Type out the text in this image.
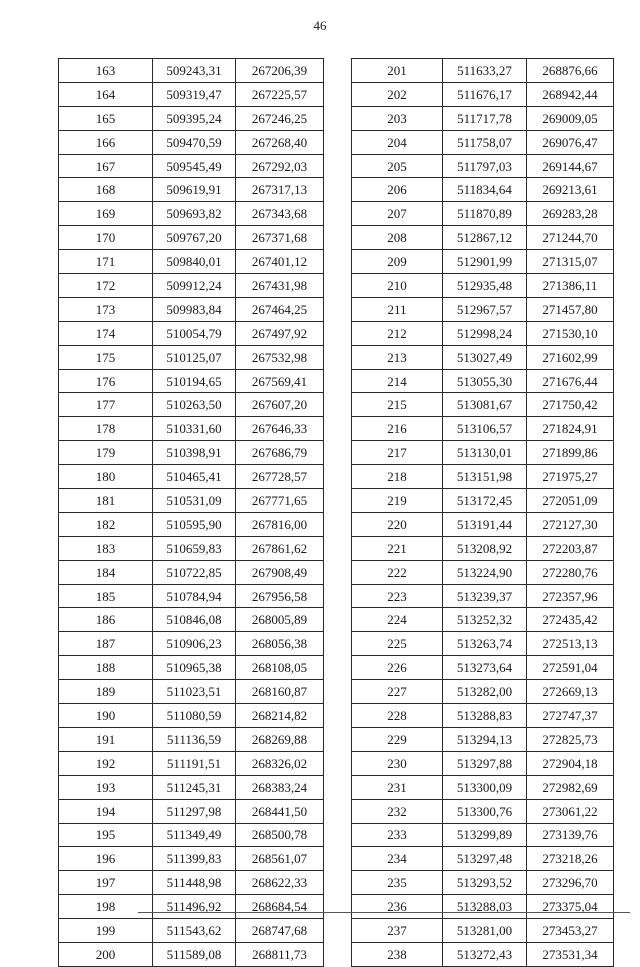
46
163	509243,31	267206,39
164	509319,47	267225,57
165	509395,24	267246,25
166	509470,59	267268,40
167	509545,49	267292,03
168	509619,91	267317,13
169	509693,82	267343,68
170	509767,20	267371,68
171	509840,01	267401,12
172	509912,24	267431,98
173	509983,84	267464,25
174	510054,79	267497,92
175	510125,07	267532,98
176	510194,65	267569,41
177	510263,50	267607,20
178	510331,60	267646,33
179	510398,91	267686,79
180	510465,41	267728,57
181	510531,09	267771,65
182	510595,90	267816,00
183	510659,83	267861,62
184	510722,85	267908,49
185	510784,94	267956,58
186	510846,08	268005,89
187	510906,23	268056,38
188	510965,38	268108,05
189	511023,51	268160,87
190	511080,59	268214,82
191	511136,59	268269,88
192	511191,51	268326,02
193	511245,31	268383,24
194	511297,98	268441,50
195	511349,49	268500,78
196	511399,83	268561,07
197	511448,98	268622,33
198	511496,92	268684,54
199	511543,62	268747,68
200	511589,08	268811,73
201	511633,27	268876,66
202	511676,17	268942,44
203	511717,78	269009,05
204	511758,07	269076,47
205	511797,03	269144,67
206	511834,64	269213,61
207	511870,89	269283,28
208	512867,12	271244,70
209	512901,99	271315,07
210	512935,48	271386,11
211	512967,57	271457,80
212	512998,24	271530,10
213	513027,49	271602,99
214	513055,30	271676,44
215	513081,67	271750,42
216	513106,57	271824,91
217	513130,01	271899,86
218	513151,98	271975,27
219	513172,45	272051,09
220	513191,44	272127,30
221	513208,92	272203,87
222	513224,90	272280,76
223	513239,37	272357,96
224	513252,32	272435,42
225	513263,74	272513,13
226	513273,64	272591,04
227	513282,00	272669,13
228	513288,83	272747,37
229	513294,13	272825,73
230	513297,88	272904,18
231	513300,09	272982,69
232	513300,76	273061,22
233	513299,89	273139,76
234	513297,48	273218,26
235	513293,52	273296,70
236	513288,03	273375,04
237	513281,00	273453,27
238	513272,43	273531,34
